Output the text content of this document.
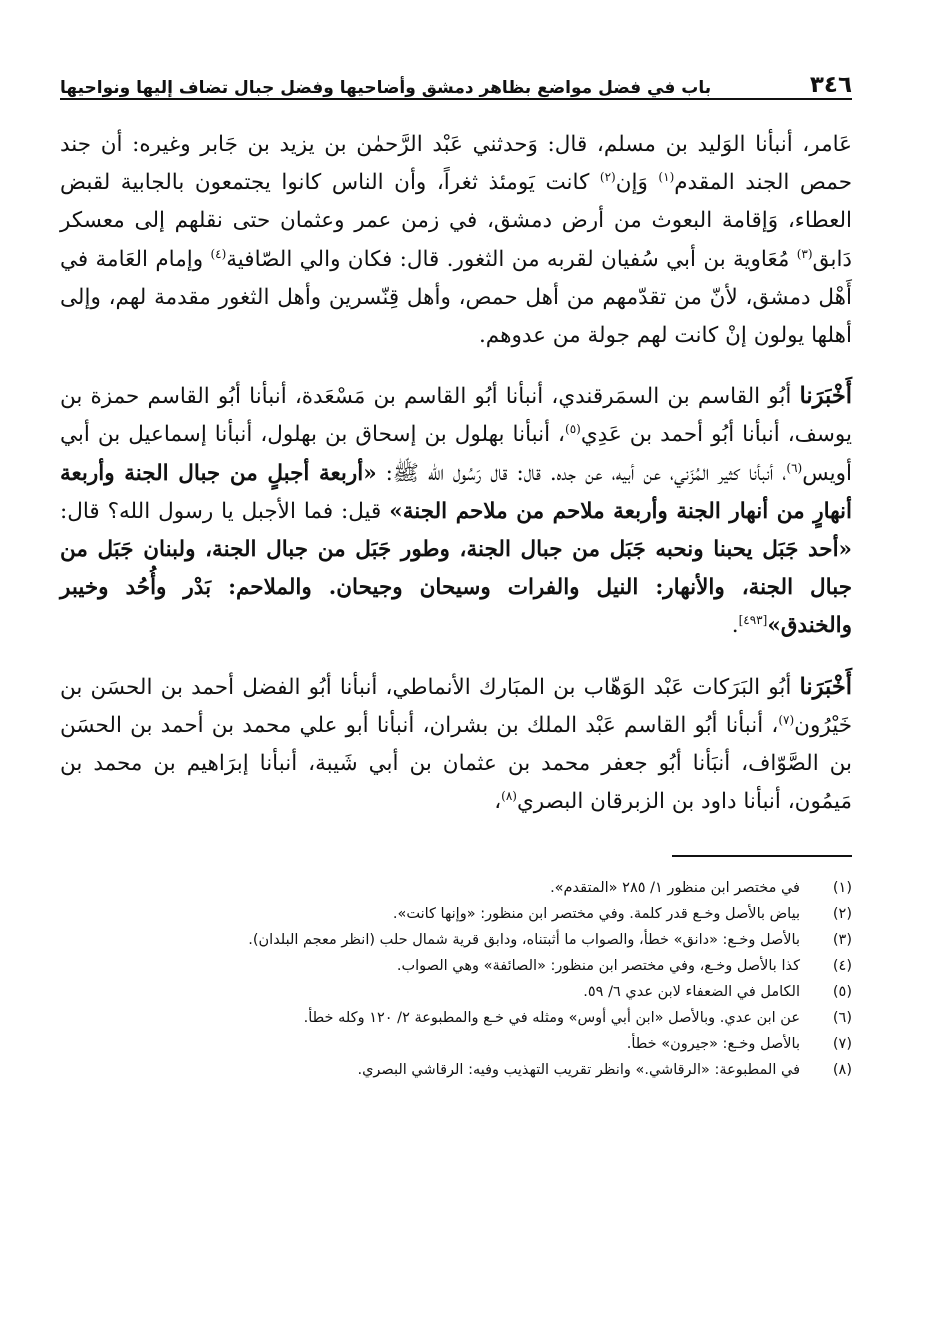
٣٤٦
باب في فضل مواضع بظاهر دمشق وأضاحيها وفضل جبال تضاف إليها ونواحيها

عَامر، أنبأنا الوَليد بن مسلم، قال: وَحدثني عَبْد الرَّحمٰن بن يزيد بن جَابر وغيره: أن جند حمص الجند المقدم$^{(١)}$ وَإن$^{(٢)}$ كانت يَومئذ ثغراً، وأن الناس كانوا يجتمعون بالجابية لقبض العطاء، وَإقامة البعوث من أرض دمشق، في زمن عمر وعثمان حتى نقلهم إلى معسكر دَابق$^{(٣)}$ مُعَاوية بن أبي سُفيان لقربه من الثغور. قال: فكان والي الصّافية$^{(٤)}$ وإمام العَامة في أَهْل دمشق، لأنّ من تقدّمهم من أهل حمص، وأهل قِنّسرين وأهل الثغور مقدمة لهم، وإلى أهلها يولون إنْ كانت لهم جولة من عدوهم.

أَخْبَرَنا أبُو القاسم بن السمَرقندي، أنبأنا أبُو القاسم بن مَسْعَدة، أنبأنا أبُو القاسم حمزة بن يوسف، أنبأنا أبُو أحمد بن عَدِي$^{(٥)}$، أنبأنا بهلول بن إسحاق بن بهلول، أنبأنا إسماعيل بن أبي أويس$^{(٦)}$، أنبأنا كثير المُزَني، عن أبيه، عن جده. قال: قال رَسُول الله ﷺ: «أربعة أجبلٍ من جبال الجنة وأربعة أنهارٍ من أنهار الجنة وأربعة ملاحم من ملاحم الجنة» قيل: فما الأجبل يا رسول الله؟ قال: «أحد جَبَل يحبنا ونحبه جَبَل من جبال الجنة، وطور جَبَل من جبال الجنة، ولبنان جَبَل من جبال الجنة، والأنهار: النيل والفرات وسيحان وجيحان. والملاحم: بَدْر وأُحُد وخيبر والخندق»[٤٩٣].

أَخْبَرَنا أبُو البَرَكات عَبْد الوَهّاب بن المبَارك الأنماطي، أنبأنا أبُو الفضل أحمد بن الحسَن بن خَيْرُون$^{(٧)}$، أنبأنا أبُو القاسم عَبْد الملك بن بشران، أنبأنا أبو علي محمد بن أحمد بن الحسَن بن الصَّوّاف، أنبَأنا أبُو جعفر محمد بن عثمان بن أبي شَيبة، أنبأنا إبرَاهيم بن محمد بن مَيمُون، أنبأنا داود بن الزبرقان البصري$^{(٨)}$،

(١)
في مختصر ابن منظور ١/ ٢٨٥ «المتقدم».
(٢)
بياض بالأصل وخـع قدر كلمة. وفي مختصر ابن منظور: «وإنها كانت».
(٣)
بالأصل وخـع: «دانق» خطأ، والصواب ما أثبتناه، ودابق قرية شمال حلب (انظر معجم البلدان).
(٤)
كذا بالأصل وخـع، وفي مختصر ابن منظور: «الصائفة» وهي الصواب.
(٥)
الكامل في الضعفاء لابن عدي ٦/ ٥٩.
(٦)
عن ابن عدي. وبالأصل «ابن أبي أوس» ومثله في خـع والمطبوعة ٢/ ١٢٠ وكله خطأ.
(٧)
بالأصل وخـع: «جيرون» خطأ.
(٨)
في المطبوعة: «الرقاشي.» وانظر تقريب التهذيب وفيه: الرقاشي البصري.
